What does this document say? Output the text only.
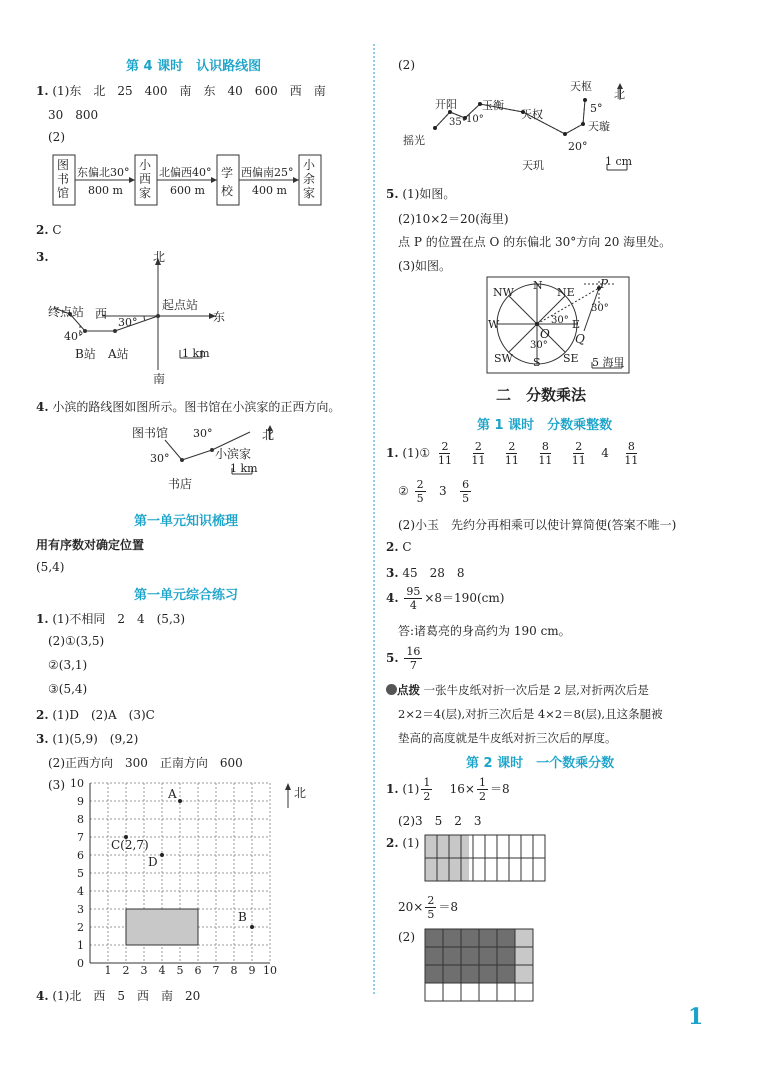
第 4 课时　认识路线图
1. (1)东　北　25　400　南　东　40　600　西　南
30　800
(2)
图书馆
小西家
学校
小余家
东偏北30°
800 m
北偏西40°
600 m
西偏南25°
400 m
2. C
3.	北
东
南
西
起点站
终点站
30°
40°
B站 A站	1 km
4. 小滨的路线图如图所示。图书馆在小滨家的正西方向。
图书馆 30°
30°	小滨家
北
书店
1 km
第一单元知识梳理
用有序数对确定位置
(5,4)
第一单元综合练习
1. (1)不相同　2　4　(5,3)
(2)①(3,5)
②(3,1)
③(5,4)
2. (1)D　(2)A　(3)C
3. (1)(5,9)　(9,2)
(2)正西方向　300　正南方向　600
(3)
0
1
2
3
4
5
6
7
8
9
10
1 2 3 4 5 6 7 8 9 10
A
C(2,7)
D
B
北
4. (1)北　西　5　西　南　20
(2)
天枢
北
开阳 玉衡
天权	5°
天璇
35° 10°
摇光	20°
天玑	1 cm
5. (1)如图。
(2)10×2＝20(海里)
点 P 的位置在点 O 的东偏北 30°方向 20 海里处。
(3)如图。
N
NW	NE
W	E
SW	SE
S
P
O Q
30°
30°
30°
5 海里
二　分数乘法
第 1 课时　分数乘整数
1. (1)① $\frac{2}{11}$
$\frac{2}{11}$
$\frac{2}{11}$
$\frac{8}{11}$
$\frac{2}{11} 4 \frac{8}{11}$
② $\frac{2}{5} 3 \frac{6}{5}$
(2)小玉　先约分再相乘可以使计算简便(答案不唯一)
2. C
3. 45　28　8
4. $\frac{95}{4} \times 8=190(cm)$
答:诸葛亮的身高约为 190 cm。
5. $\frac{16}{7}$
点拨 一张牛皮纸对折一次后是 2 层,对折两次后是
2×2＝4(层),对折三次后是 4×2＝8(层),且这条腿被
垫高的高度就是牛皮纸对折三次后的厚度。
第 2 课时　一个数乘分数
1. $(1) \frac{1}{2} 16\times \frac{1}{2} =8$
(2)3　5　2　3
2. (1)
$20\times \frac{2}{5} =8$
(2)
1
